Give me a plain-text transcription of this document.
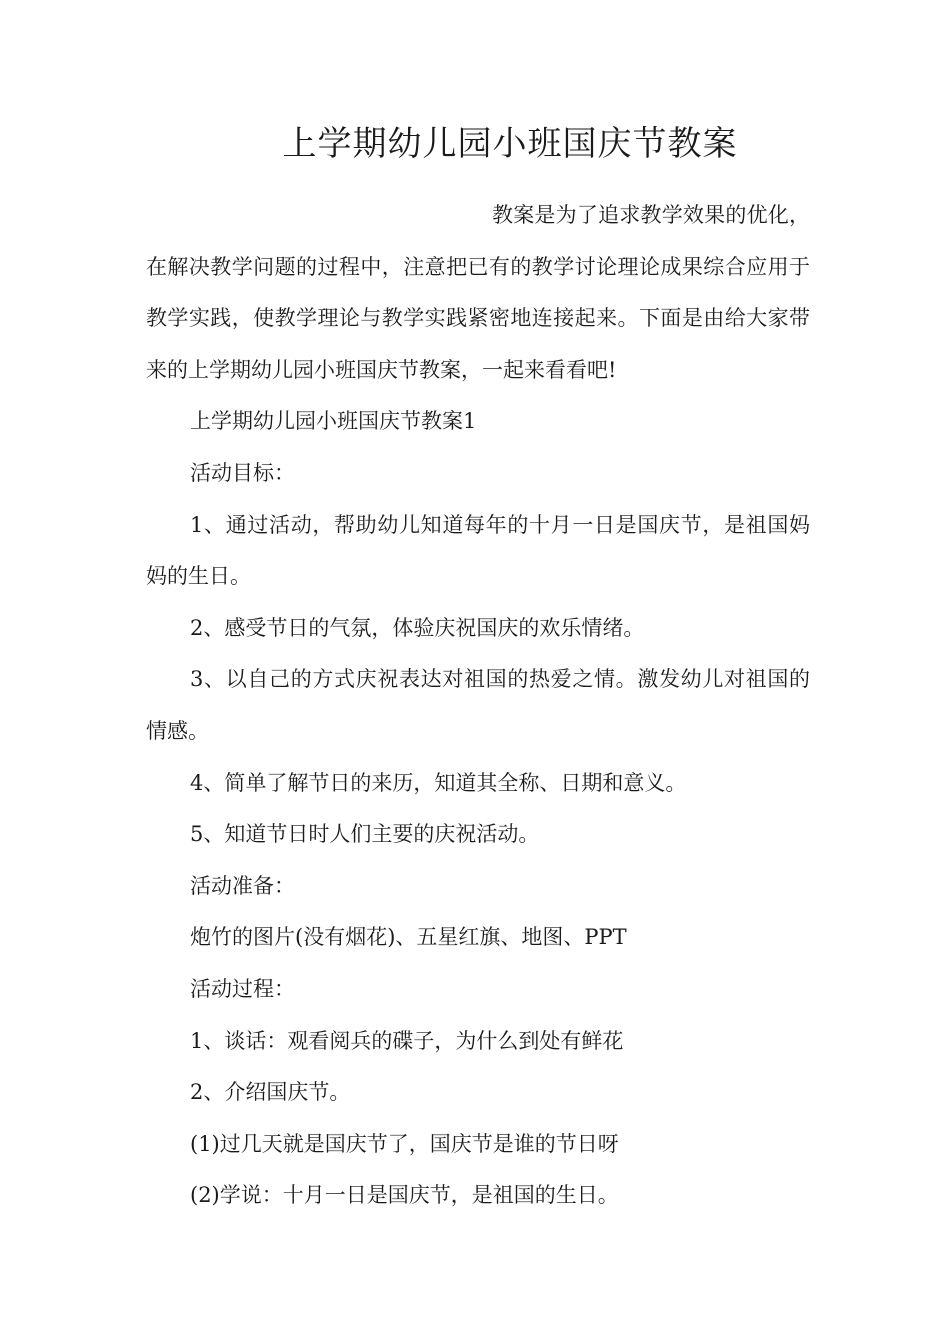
上学期幼儿园小班国庆节教案

教案是为了追求教学效果的优化，在解决教学问题的过程中，注意把已有的教学讨论理论成果综合应用于教学实践，使教学理论与教学实践紧密地连接起来。下面是由给大家带来的上学期幼儿园小班国庆节教案，一起来看看吧!

上学期幼儿园小班国庆节教案1

活动目标：

1、通过活动，帮助幼儿知道每年的十月一日是国庆节，是祖国妈妈的生日。

2、感受节日的气氛，体验庆祝国庆的欢乐情绪。

3、以自己的方式庆祝表达对祖国的热爱之情。激发幼儿对祖国的情感。

4、简单了解节日的来历，知道其全称、日期和意义。

5、知道节日时人们主要的庆祝活动。

活动准备：

炮竹的图片(没有烟花)、五星红旗、地图、PPT

活动过程：

1、谈话：观看阅兵的碟子，为什么到处有鲜花

2、介绍国庆节。

(1)过几天就是国庆节了，国庆节是谁的节日呀

(2)学说：十月一日是国庆节，是祖国的生日。
